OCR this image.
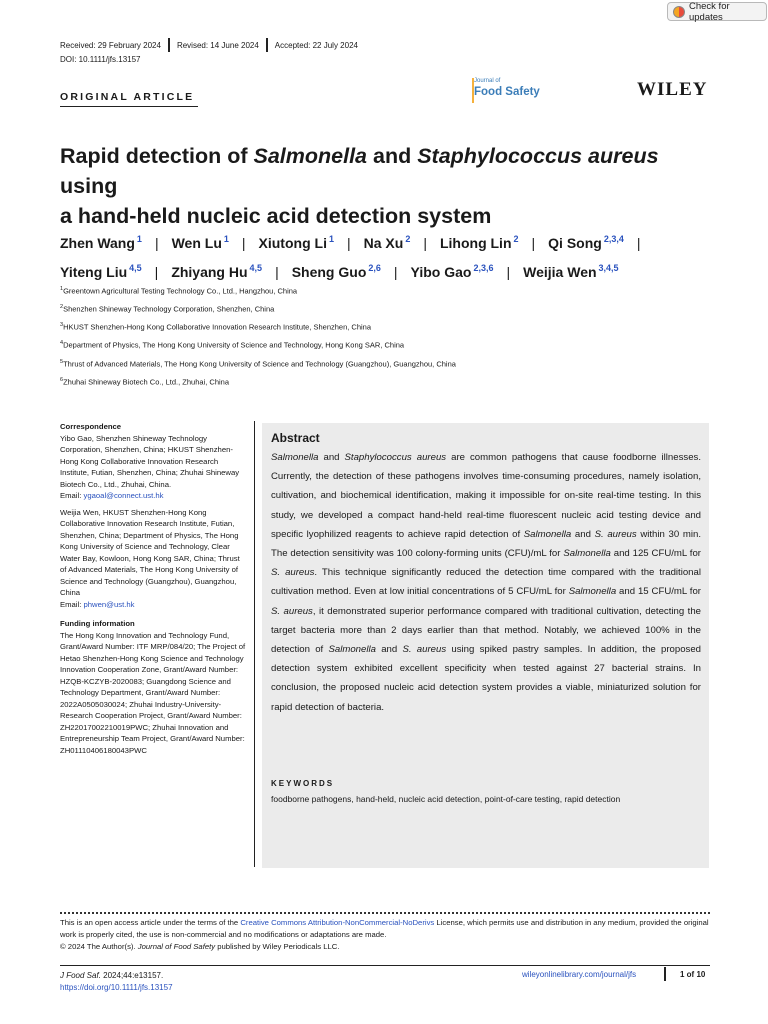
Check for updates
Received: 29 February 2024 Revised: 14 June 2024 Accepted: 22 July 2024
DOI: 10.1111/jfs.13157
ORIGINAL ARTICLE
Journal of
Food Safety	WILEY
Rapid detection of Salmonella and Staphylococcus aureus using
a hand-held nucleic acid detection system
Zhen Wang $^1$ | Wen Lu $^1$ | Xiutong Li $^1$ | Na Xu $^2$ | Lihong Lin $^2$ | Qi Song $^{2,3,4}$ |
Yiteng Liu $^{4,5}$ | Zhiyang Hu $^{4,5}$ | Sheng Guo $^{2,6}$ | Yibo Gao $^{2,3,6}$ | Weijia Wen $^{3,4,5}$
$^1$Greentown Agricultural Testing Technology Co., Ltd., Hangzhou, China
$^2$Shenzhen Shineway Technology Corporation, Shenzhen, China
$^3$HKUST Shenzhen-Hong Kong Collaborative Innovation Research Institute, Shenzhen, China
$^4$Department of Physics, The Hong Kong University of Science and Technology, Hong Kong SAR, China
$^5$Thrust of Advanced Materials, The Hong Kong University of Science and Technology (Guangzhou), Guangzhou, China
$^6$Zhuhai Shineway Biotech Co., Ltd., Zhuhai, China
Correspondence

Yibo Gao, Shenzhen Shineway Technology Corporation, Shenzhen, China; HKUST Shenzhen-Hong Kong Collaborative Innovation Research Institute, Futian, Shenzhen, China; Zhuhai Shineway Biotech Co., Ltd., Zhuhai, China.
Email: ygaoal@connect.ust.hk

Weijia Wen, HKUST Shenzhen-Hong Kong Collaborative Innovation Research Institute, Futian, Shenzhen, China; Department of Physics, The Hong Kong University of Science and Technology, Clear Water Bay, Kowloon, Hong Kong SAR, China; Thrust of Advanced Materials, The Hong Kong University of Science and Technology (Guangzhou), Guangzhou, China
Email: phwen@ust.hk

Funding information

The Hong Kong Innovation and Technology Fund, Grant/Award Number: ITF MRP/084/20; The Project of Hetao Shenzhen-Hong Kong Science and Technology Innovation Cooperation Zone, Grant/Award Number: HZQB-KCZYB-2020083; Guangdong Science and Technology Department, Grant/Award Number: 2022A0505030024; Zhuhai Industry-University-Research Cooperation Project, Grant/Award Number: ZH22017002210019PWC; Zhuhai Innovation and Entrepreneurship Team Project, Grant/Award Number: ZH01110406180043PWC

Abstract
Salmonella and Staphylococcus aureus are common pathogens that cause foodborne illnesses. Currently, the detection of these pathogens involves time-consuming procedures, namely isolation, cultivation, and biochemical identification, making it impossible for on-site real-time testing. In this study, we developed a compact hand-held real-time fluorescent nucleic acid testing device and specific lyophilized reagents to achieve rapid detection of Salmonella and S. aureus within 30 min. The detection sensitivity was 100 colony-forming units (CFU)/mL for Salmonella and 125 CFU/mL for S. aureus. This technique significantly reduced the detection time compared with the traditional cultivation method. Even at low initial concentrations of 5 CFU/mL for Salmonella and 15 CFU/mL for S. aureus, it demonstrated superior performance compared with traditional cultivation, detecting the target bacteria more than 2 days earlier than that method. Notably, we achieved 100% in the detection of Salmonella and S. aureus using spiked pastry samples. In addition, the proposed detection system exhibited excellent specificity when tested against 27 bacterial strains. In conclusion, the proposed nucleic acid detection system provides a viable, miniaturized solution for rapid detection of bacteria.
KEYWORDS
foodborne pathogens, hand-held, nucleic acid detection, point-of-care testing, rapid detection
This is an open access article under the terms of the Creative Commons Attribution-NonCommercial-NoDerivs License, which permits use and distribution in any medium, provided the original work is properly cited, the use is non-commercial and no modifications or adaptations are made.
© 2024 The Author(s). Journal of Food Safety published by Wiley Periodicals LLC.
J Food Saf. 2024;44:e13157.
https://doi.org/10.1111/jfs.13157
wileyonlinelibrary.com/journal/jfs	1 of 10
